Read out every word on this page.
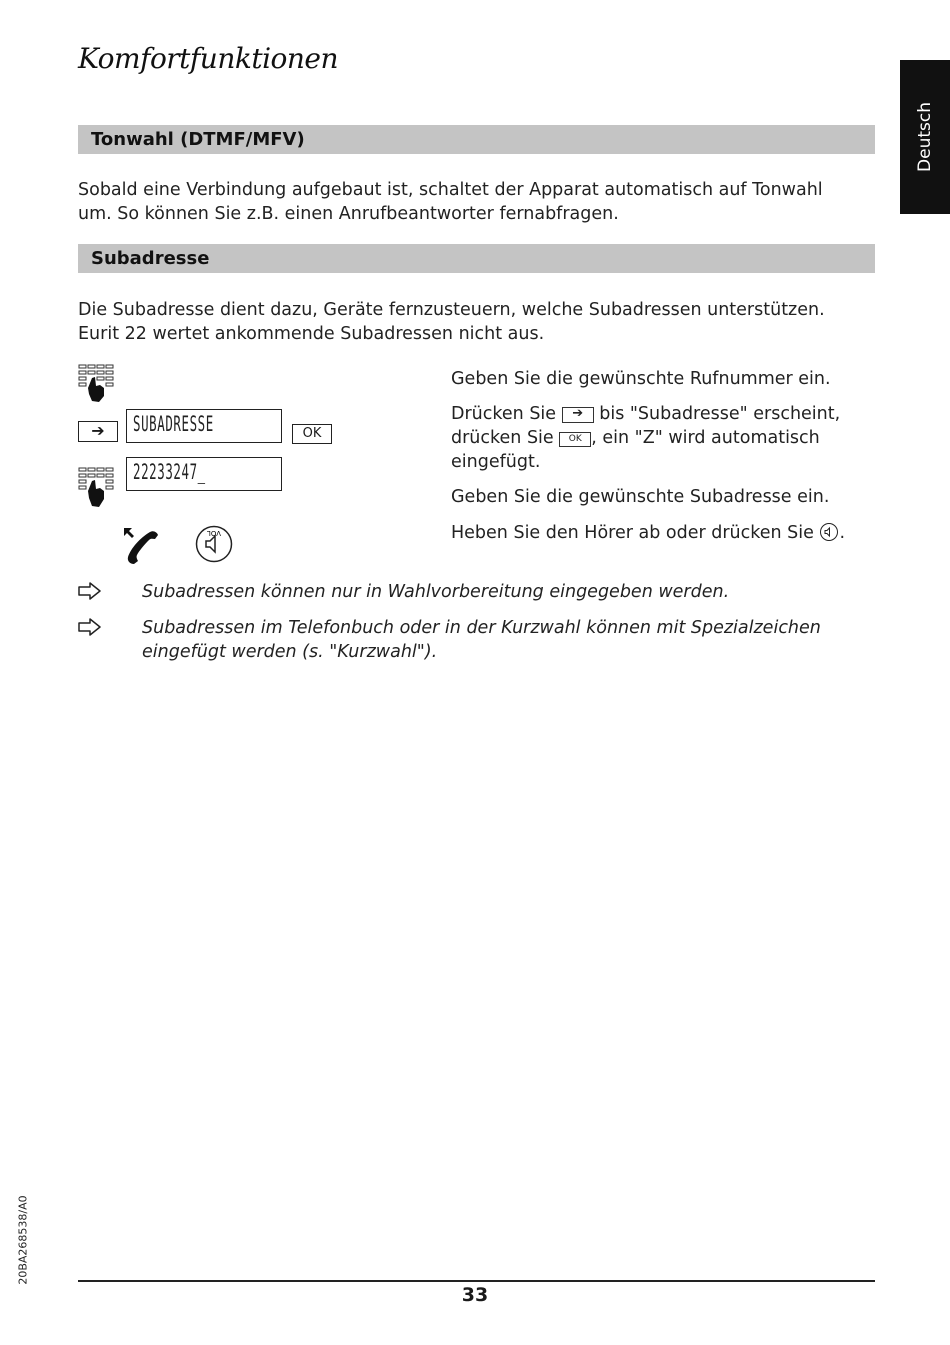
Komfortfunktionen
Deutsch
Tonwahl (DTMF/MFV)
Sobald eine Verbindung aufgebaut ist, schaltet der Apparat automatisch auf Tonwahl um. So können Sie z.B. einen Anrufbeantworter fernabfragen.
Subadresse
Die Subadresse dient dazu, Geräte fernzusteuern, welche Subadressen unterstützen. Eurit 22 wertet ankommende Subadressen nicht aus.
➔	SUBADRESSE	OK
22233247_
VOL
Geben Sie die gewünschte Rufnummer ein.
Drücken Sie ➔ bis "Subadresse" erscheint, drücken Sie OK , ein "Z" wird automatisch eingefügt.
Geben Sie die gewünschte Subadresse ein.
Heben Sie den Hörer ab oder drücken Sie .
Subadressen können nur in Wahlvorbereitung eingegeben werden.
Subadressen im Telefonbuch oder in der Kurzwahl können mit Spezialzeichen eingefügt werden (s. "Kurzwahl").
20BA268538/A0
33
